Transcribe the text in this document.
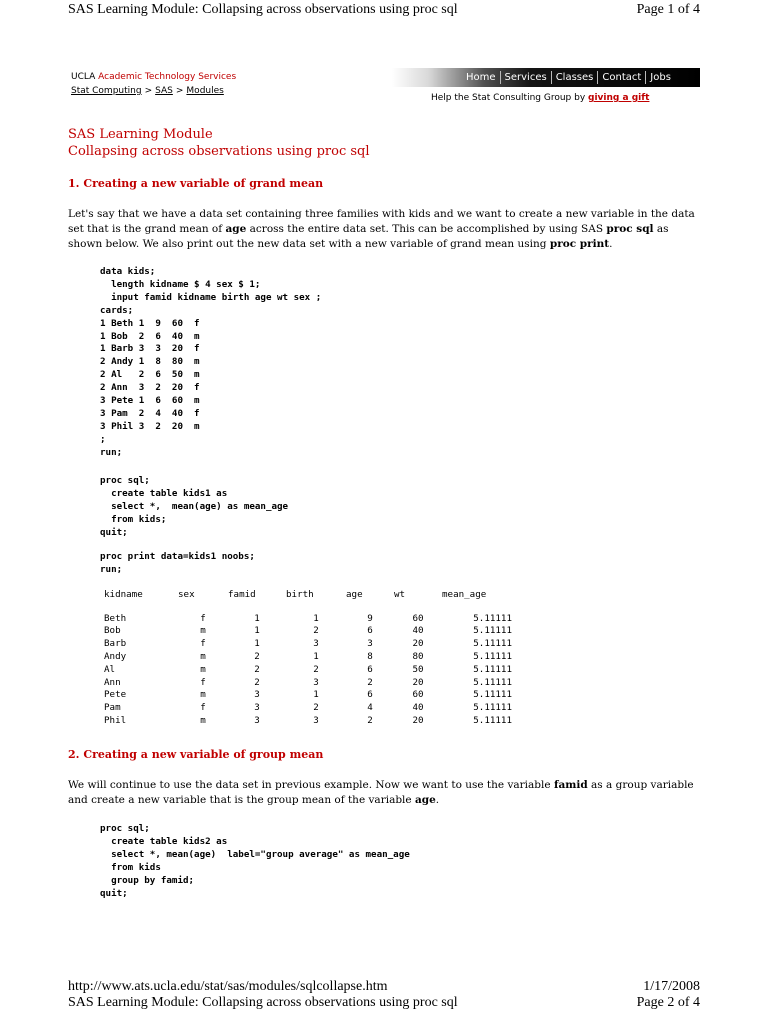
SAS Learning Module: Collapsing across observations using proc sql	Page 1 of 4
UCLA Academic Technology Services
Stat Computing > SAS > Modules
Home Services Classes Contact Jobs
Help the Stat Consulting Group by giving a gift
SAS Learning Module
Collapsing across observations using proc sql
1. Creating a new variable of grand mean
Let's say that we have a data set containing three families with kids and we want to create a new variable in the data set that is the grand mean of age across the entire data set. This can be accomplished by using SAS proc sql as shown below. We also print out the new data set with a new variable of grand mean using proc print.
data kids;
length kidname $ 4 sex $ 1;
input famid kidname birth age wt sex ;
cards;
1 Beth 1  9  60  f
1 Bob  2  6  40  m
1 Barb 3  3  20  f
2 Andy 1  8  80  m
2 Al   2  6  50  m
2 Ann  3  2  20  f
3 Pete 1  6  60  m
3 Pam  2  4  40  f
3 Phil 3  2  20  m
;
run;
proc sql;
create table kids1 as
select *,  mean(age) as mean_age
from kids;
quit;
proc print data=kids1 noobs;
run;
kidname	sex	famid	birth	age	wt	mean_age
Beth	f	1	1	9	60	5.11111
Bob	m	1	2	6	40	5.11111
Barb	f	1	3	3	20	5.11111
Andy	m	2	1	8	80	5.11111
Al	m	2	2	6	50	5.11111
Ann	f	2	3	2	20	5.11111
Pete	m	3	1	6	60	5.11111
Pam	f	3	2	4	40	5.11111
Phil	m	3	3	2	20	5.11111
2. Creating a new variable of group mean
We will continue to use the data set in previous example. Now we want to use the variable famid as a group variable and create a new variable that is the group mean of the variable age.
proc sql;
create table kids2 as
select *, mean(age)  label="group average" as mean_age
from kids
group by famid;
quit;
http://www.ats.ucla.edu/stat/sas/modules/sqlcollapse.htm	1/17/2008
SAS Learning Module: Collapsing across observations using proc sql	Page 2 of 4
